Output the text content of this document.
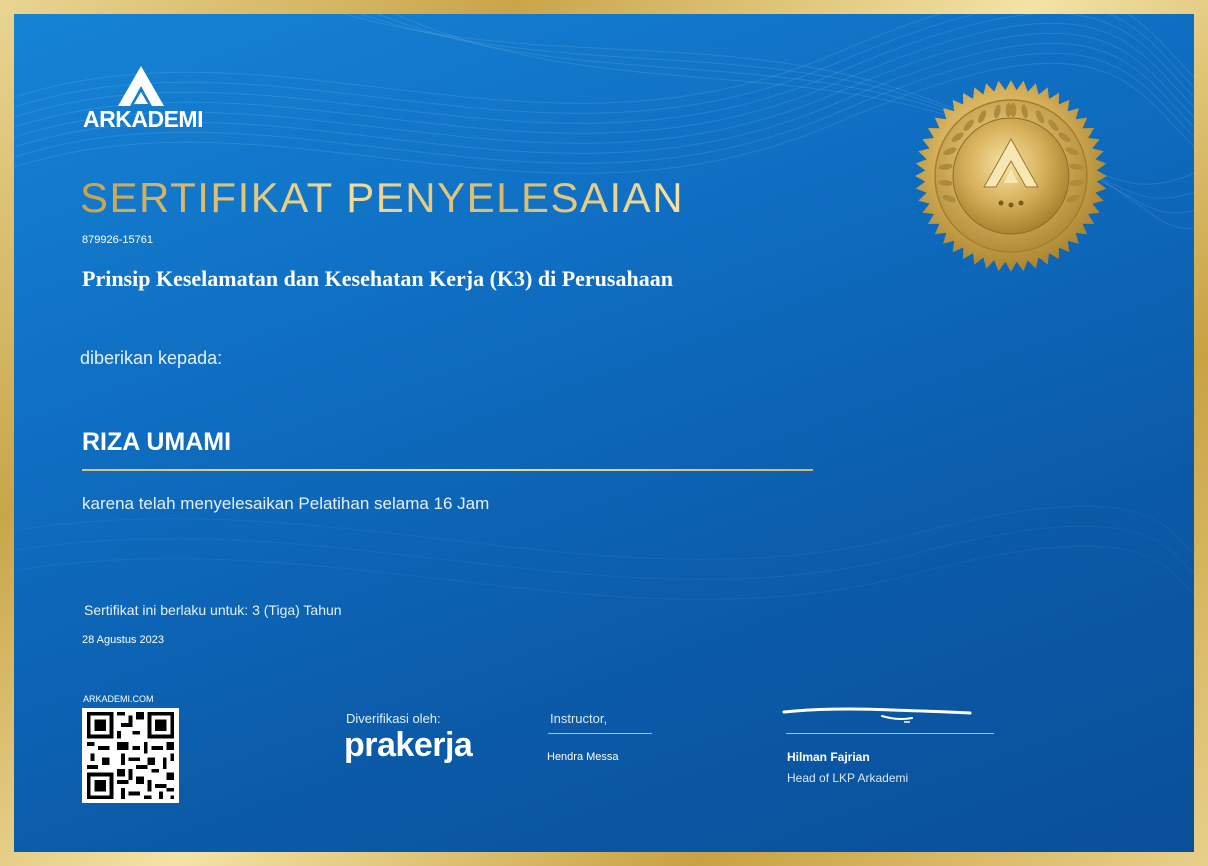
ARKADEMI
SERTIFIKAT PENYELESAIAN
879926-15761
Prinsip Keselamatan dan Kesehatan Kerja (K3) di Perusahaan
diberikan kepada:
RIZA UMAMI
karena telah menyelesaikan Pelatihan selama 16 Jam
Sertifikat ini berlaku untuk: 3 (Tiga) Tahun
28 Agustus 2023
ARKADEMI.COM
Diverifikasi oleh:
prakerja
Instructor,
Hendra Messa	Hilman Fajrian
Head of LKP Arkademi
